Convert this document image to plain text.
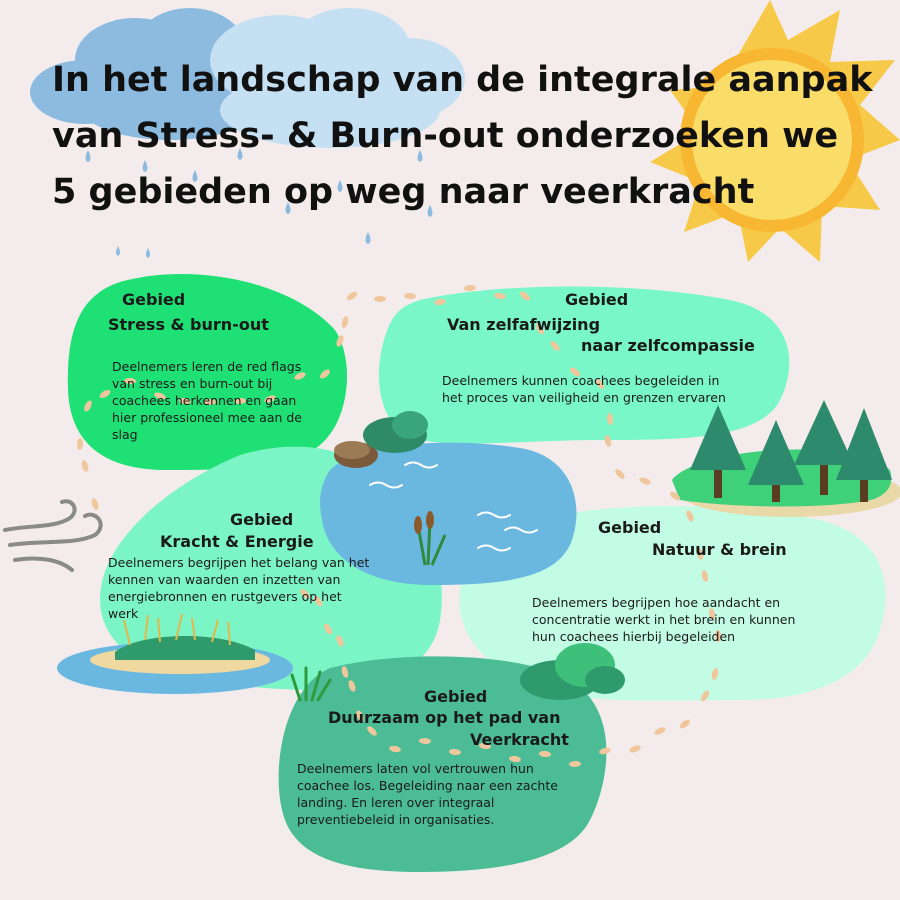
In het landschap van de integrale aanpak
van Stress- & Burn-out onderzoeken we
5 gebieden op weg naar veerkracht
Gebied
Stress & burn-out
Deelnemers leren de red flags van stress en burn-out bij coachees herkennen en gaan hier professioneel mee aan de slag
Gebied
Van zelfafwijzing
naar zelfcompassie
Deelnemers kunnen coachees begeleiden in het proces van veiligheid en grenzen ervaren
Gebied
Kracht & Energie
Deelnemers begrijpen het belang van het kennen van waarden en inzetten van energiebronnen en rustgevers op het werk
Gebied
Natuur & brein
Deelnemers begrijpen hoe aandacht en concentratie werkt in het brein en kunnen hun coachees hierbij begeleiden
Gebied
Duurzaam op het pad van
Veerkracht
Deelnemers laten vol vertrouwen hun coachee los. Begeleiding naar een zachte landing. En leren over integraal preventiebeleid in organisaties.
